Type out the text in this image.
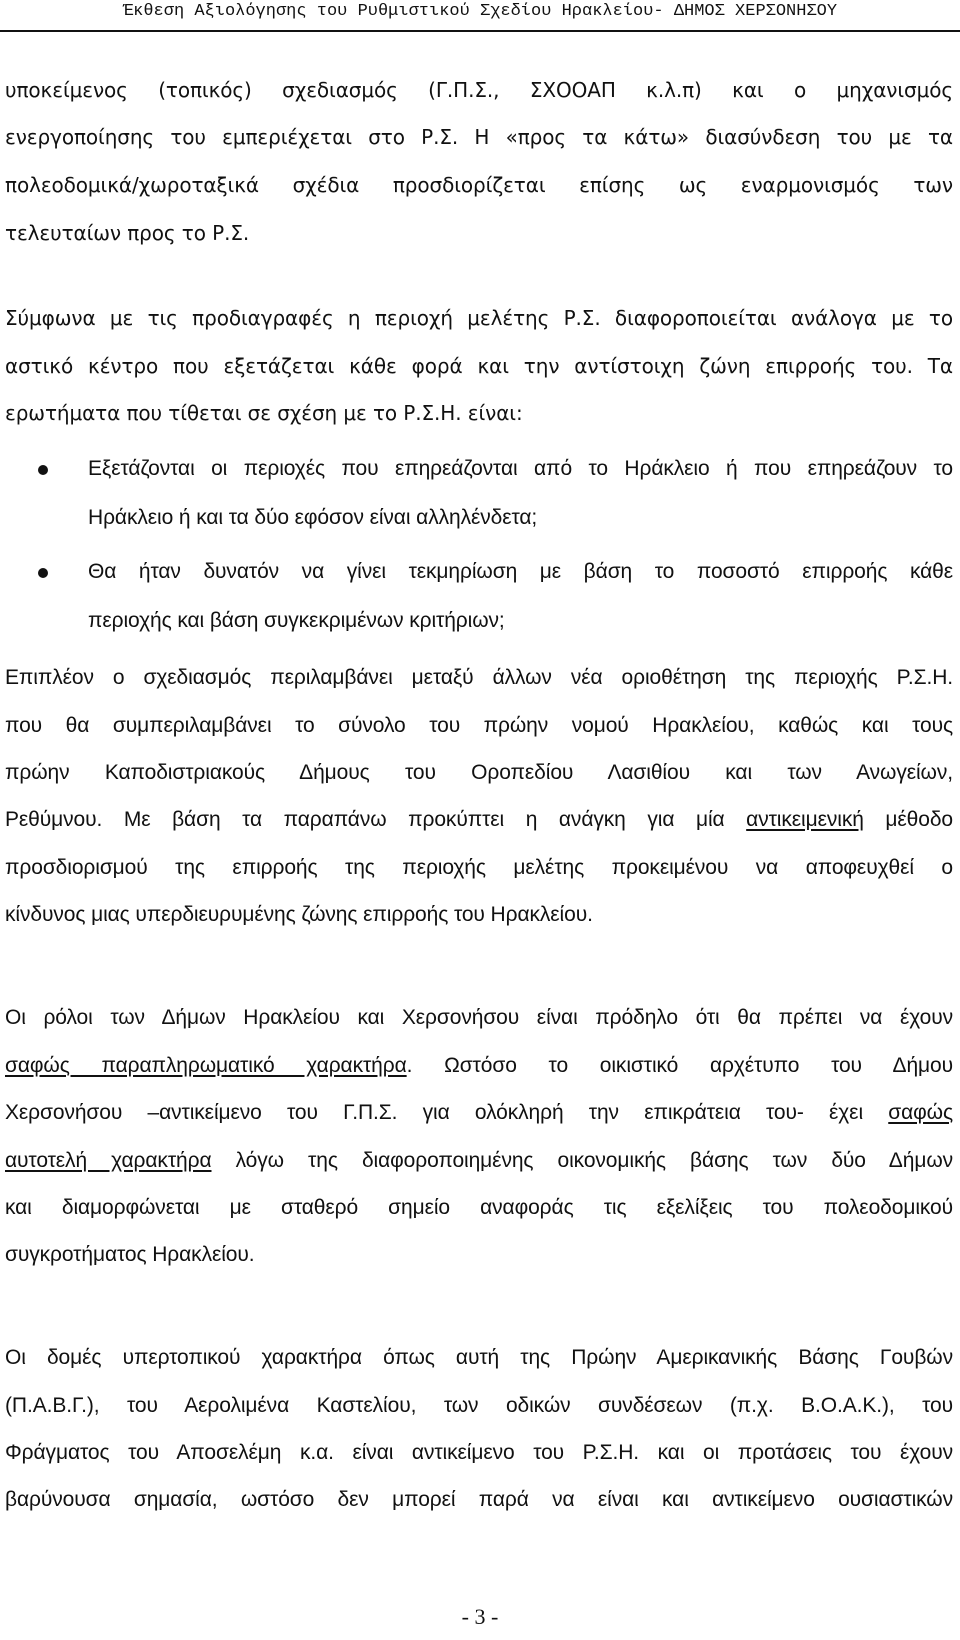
Έκθεση Αξιολόγησης του Ρυθμιστικού Σχεδίου Ηρακλείου- ΔΗΜΟΣ ΧΕΡΣΟΝΗΣΟΥ
υποκείμενος (τοπικός) σχεδιασμός (Γ.Π.Σ., ΣΧΟΟΑΠ κ.λ.π) και ο μηχανισμός
ενεργοποίησης του εμπεριέχεται στο Ρ.Σ. Η «προς τα κάτω» διασύνδεση του με τα
πολεοδομικά/χωροταξικά σχέδια προσδιορίζεται επίσης ως εναρμονισμός των
τελευταίων προς το Ρ.Σ.
Σύμφωνα με τις προδιαγραφές η περιοχή μελέτης Ρ.Σ. διαφοροποιείται ανάλογα με το
αστικό κέντρο που εξετάζεται κάθε φορά και την αντίστοιχη ζώνη επιρροής του. Τα
ερωτήματα που τίθεται σε σχέση με το Ρ.Σ.Η. είναι:
Εξετάζονται οι περιοχές που επηρεάζονται από το Ηράκλειο ή που επηρεάζουν το
Ηράκλειο ή και τα δύο εφόσον είναι αλληλένδετα;
Θα ήταν δυνατόν να γίνει τεκμηρίωση με βάση το ποσοστό επιρροής κάθε
περιοχής και βάση συγκεκριμένων κριτήριων;
Επιπλέον ο σχεδιασμός περιλαμβάνει μεταξύ άλλων νέα οριοθέτηση της περιοχής Ρ.Σ.Η.
που θα συμπεριλαμβάνει το σύνολο του πρώην νομού Ηρακλείου, καθώς και τους
πρώην Καποδιστριακούς Δήμους του Οροπεδίου Λασιθίου και των Ανωγείων,
Ρεθύμνου. Με βάση τα παραπάνω προκύπτει η ανάγκη για μία αντικειμενική μέθοδο
προσδιορισμού της επιρροής της περιοχής μελέτης προκειμένου να αποφευχθεί ο
κίνδυνος μιας υπερδιευρυμένης ζώνης επιρροής του Ηρακλείου.
Οι ρόλοι των Δήμων Ηρακλείου και Χερσονήσου είναι πρόδηλο ότι θα πρέπει να έχουν
σαφώς παραπληρωματικό χαρακτήρα. Ωστόσο το οικιστικό αρχέτυπο του Δήμου
Χερσονήσου –αντικείμενο του Γ.Π.Σ. για ολόκληρή την επικράτεια του- έχει σαφώς
αυτοτελή χαρακτήρα λόγω της διαφοροποιημένης οικονομικής βάσης των δύο Δήμων
και διαμορφώνεται με σταθερό σημείο αναφοράς τις εξελίξεις του πολεοδομικού
συγκροτήματος Ηρακλείου.
Οι δομές υπερτοπικού χαρακτήρα όπως αυτή της Πρώην Αμερικανικής Βάσης Γουβών
(Π.Α.Β.Γ.), του Αερολιμένα Καστελίου, των οδικών συνδέσεων (π.χ. Β.Ο.Α.Κ.), του
Φράγματος του Αποσελέμη κ.α. είναι αντικείμενο του Ρ.Σ.Η. και οι προτάσεις του έχουν
βαρύνουσα σημασία, ωστόσο δεν μπορεί παρά να είναι και αντικείμενο ουσιαστικών
- 3 -
